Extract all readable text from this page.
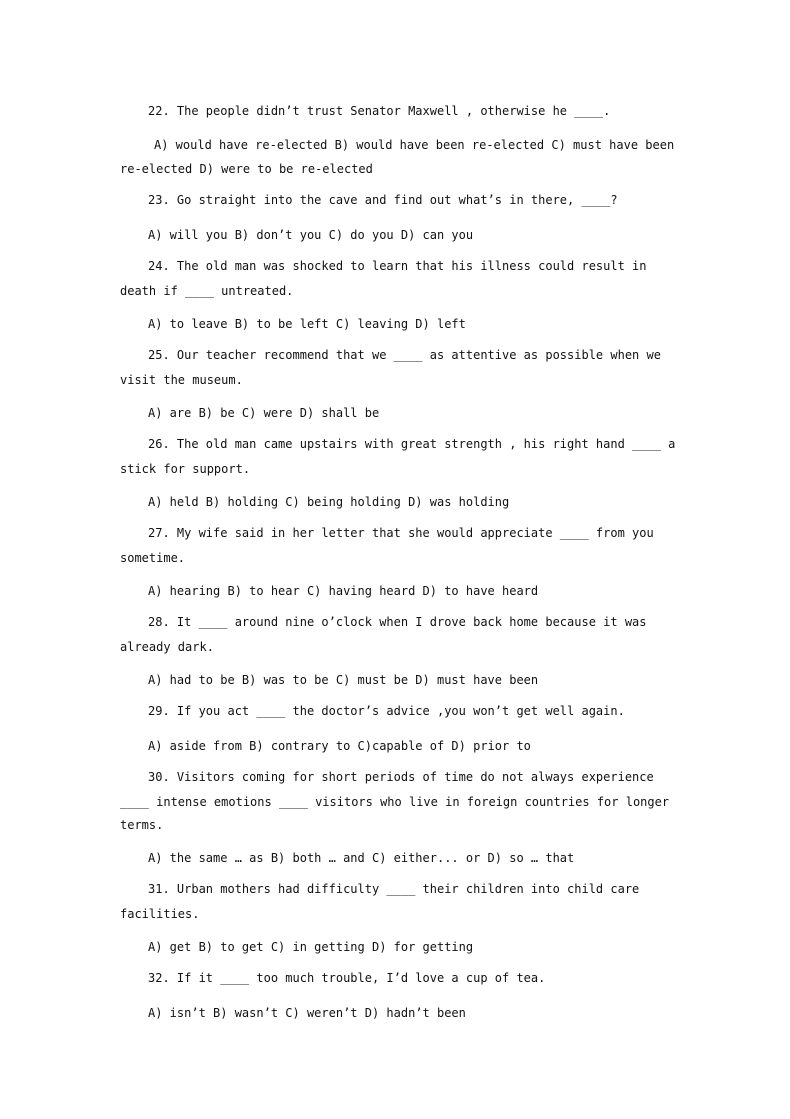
22. The people didn’t trust Senator Maxwell , otherwise he ____.
A) would have re-elected B) would have been re-elected C) must have been
re-elected D) were to be re-elected
23. Go straight into the cave and find out what’s in there, ____?
A) will you B) don’t you C) do you D) can you
24. The old man was shocked to learn that his illness could result in
death if ____ untreated.
A) to leave B) to be left C) leaving D) left
25. Our teacher recommend that we ____ as attentive as possible when we
visit the museum.
A) are B) be C) were D) shall be
26. The old man came upstairs with great strength , his right hand ____ a
stick for support.
A) held B) holding C) being holding D) was holding
27. My wife said in her letter that she would appreciate ____ from you
sometime.
A) hearing B) to hear C) having heard D) to have heard
28. It ____ around nine o’clock when I drove back home because it was
already dark.
A) had to be B) was to be C) must be D) must have been
29. If you act ____ the doctor’s advice ,you won’t get well again.
A) aside from B) contrary to C)capable of D) prior to
30. Visitors coming for short periods of time do not always experience
____ intense emotions ____ visitors who live in foreign countries for longer
terms.
A) the same … as B) both … and C) either... or D) so … that
31. Urban mothers had difficulty ____ their children into child care
facilities.
A) get B) to get C) in getting D) for getting
32. If it ____ too much trouble, I’d love a cup of tea.
A) isn’t B) wasn’t C) weren’t D) hadn’t been
